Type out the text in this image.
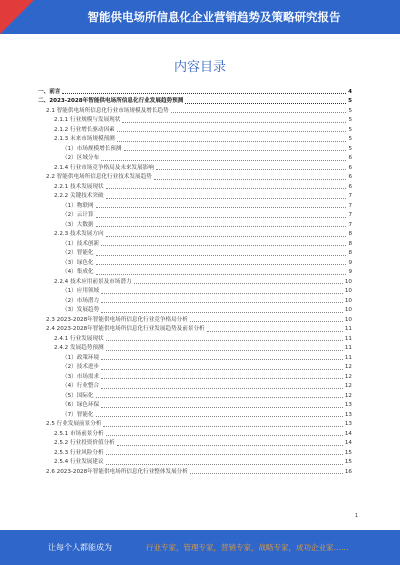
智能供电场所信息化企业营销趋势及策略研究报告
内容目录
一、前言	4
二、2023-2028年智能供电场所信息化行业发展趋势预测	5
2.1 智能供电场所信息化行业市场规模及增长趋势	5
2.1.1 行业规模与发展现状	5
2.1.2 行业增长驱动因素	5
2.1.3 未来市场规模预测	5
（1）市场规模增长预测	5
（2）区域分布	6
2.1.4 行业市场竞争格局及未来发展影响	6
2.2 智能供电场所信息化行业技术发展趋势	6
2.2.1 技术发展现状	6
2.2.2 关键技术突破	7
（1）物联网	7
（2）云计算	7
（3）大数据	7
2.2.3 技术发展方向	8
（1）技术创新	8
（2）智能化	8
（3）绿色化	9
（4）集成化	9
2.2.4 技术应用前景及市场潜力	10
（1）应用领域	10
（2）市场潜力	10
（3）发展趋势	10
2.3 2023-2028年智能供电场所信息化行业竞争格局分析	10
2.4 2023-2028年智能供电场所信息化行业发展趋势及前景分析	11
2.4.1 行业发展现状	11
2.4.2 发展趋势预测	11
（1）政策环境	11
（2）技术进步	12
（3）市场需求	12
（4）行业整合	12
（5）国际化	12
（6）绿色环保	13
（7）智能化	13
2.5 行业发展前景分析	13
2.5.1 市场前景分析	14
2.5.2 行业投资价值分析	14
2.5.3 行业风险分析	15
2.5.4 行业发展建议	15
2.6 2023-2028年智能供电场所信息化行业整体发展分析	16
1
让每个人都能成为	行业专家，管理专家，营销专家，战略专家，成功企业家……
